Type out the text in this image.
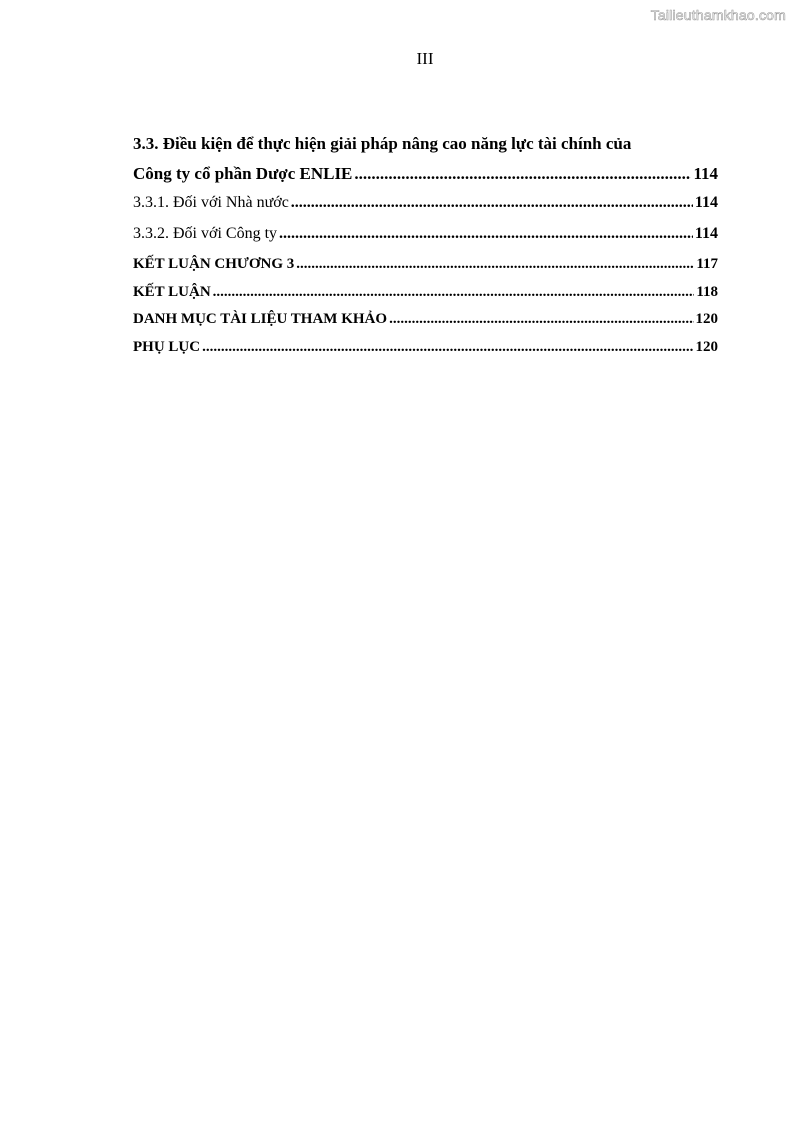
Tailieuthamkhao.com
III
3.3. Điều kiện để thực hiện giải pháp nâng cao năng lực tài chính của
Công ty cổ phần Dược ENLIE .....	114
3.3.1. Đối với Nhà nước .....	114
3.3.2. Đối với Công ty .....	114
KẾT LUẬN CHƯƠNG 3 .....	117
KẾT LUẬN .....	118
DANH MỤC TÀI LIỆU THAM KHẢO .....	120
PHỤ LỤC .....	120
